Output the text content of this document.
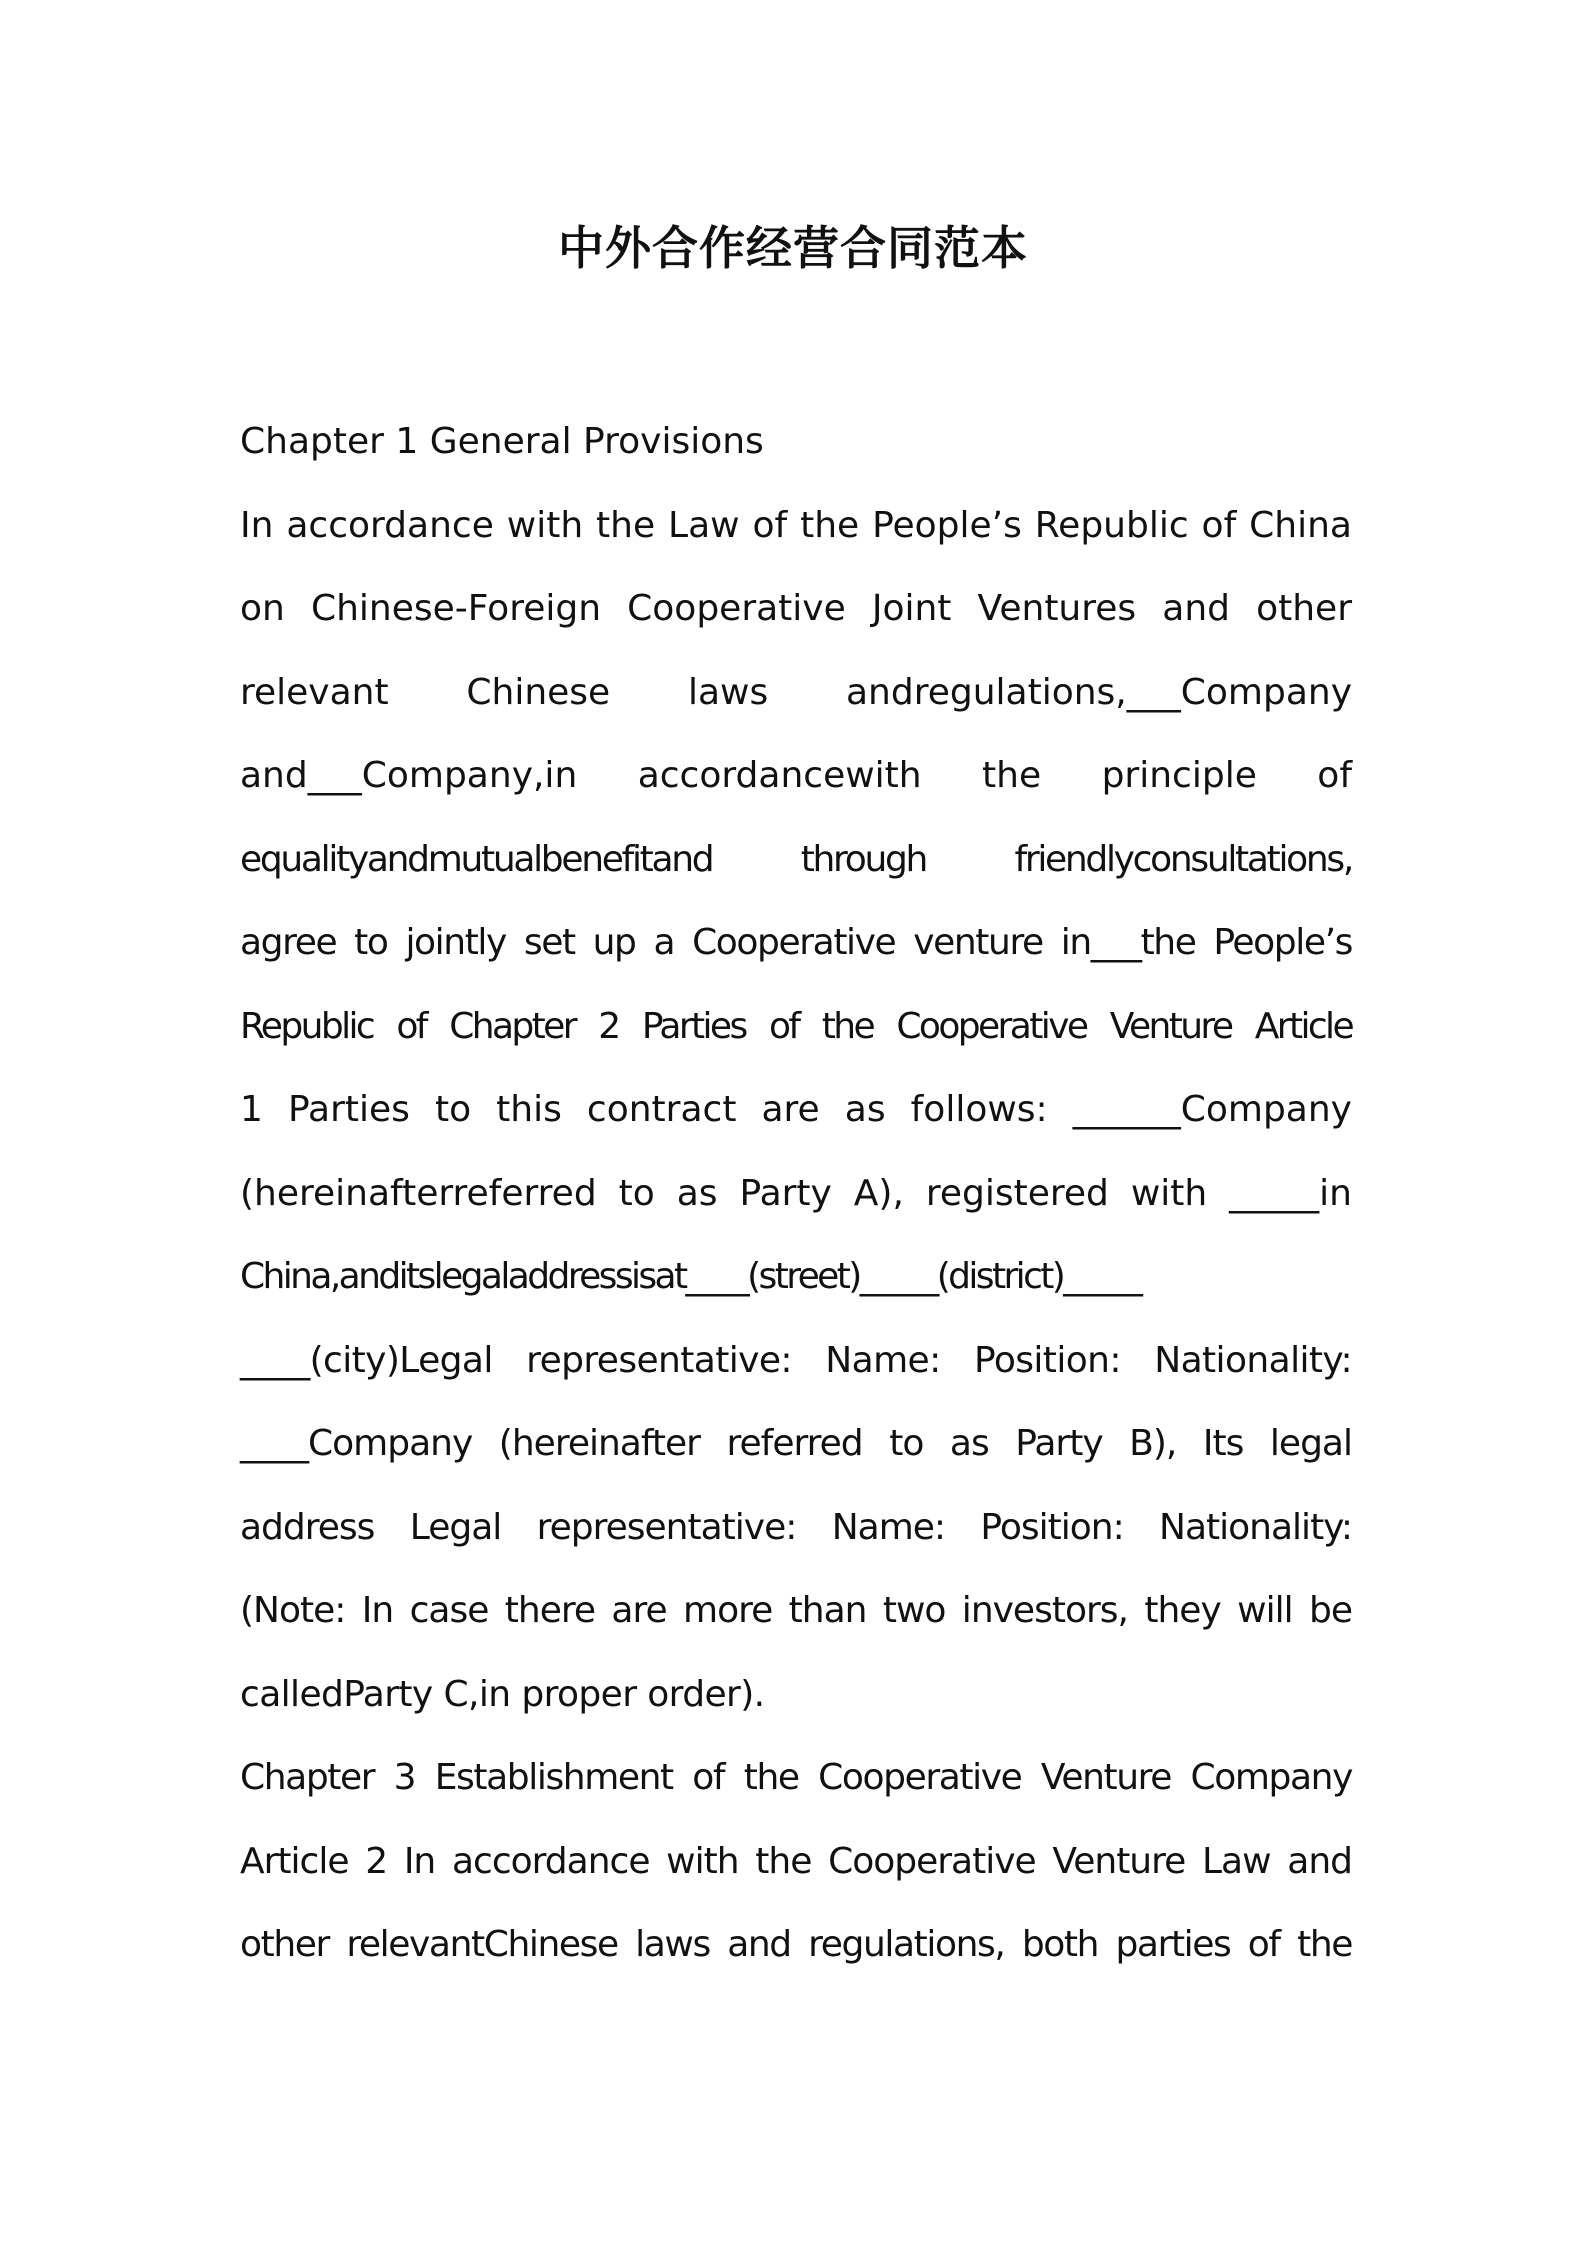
中外合作经营合同范本
Chapter 1 General Provisions
In accordance with the Law of the People’s Republic of China
on Chinese-Foreign Cooperative Joint Ventures and other
relevant Chinese laws andregulations,___Company
and___Company,in accordancewith the principle of
equalityandmutualbenefitand through friendlyconsultations,
agree to jointly set up a Cooperative venture in___the People’s
Republic of Chapter 2 Parties of the Cooperative Venture Article
1 Parties to this contract are as follows: ______Company
(hereinafterreferred to as Party A), registered with _____in
China,anditslegaladdressisat____(street)_____(district)_____
____(city)Legal representative: Name: Position: Nationality:
____Company (hereinafter referred to as Party B), Its legal
address Legal representative: Name: Position: Nationality:
(Note: In case there are more than two investors, they will be
calledParty C,in proper order).
Chapter 3 Establishment of the Cooperative Venture Company
Article 2 In accordance with the Cooperative Venture Law and
other relevantChinese laws and regulations, both parties of the
